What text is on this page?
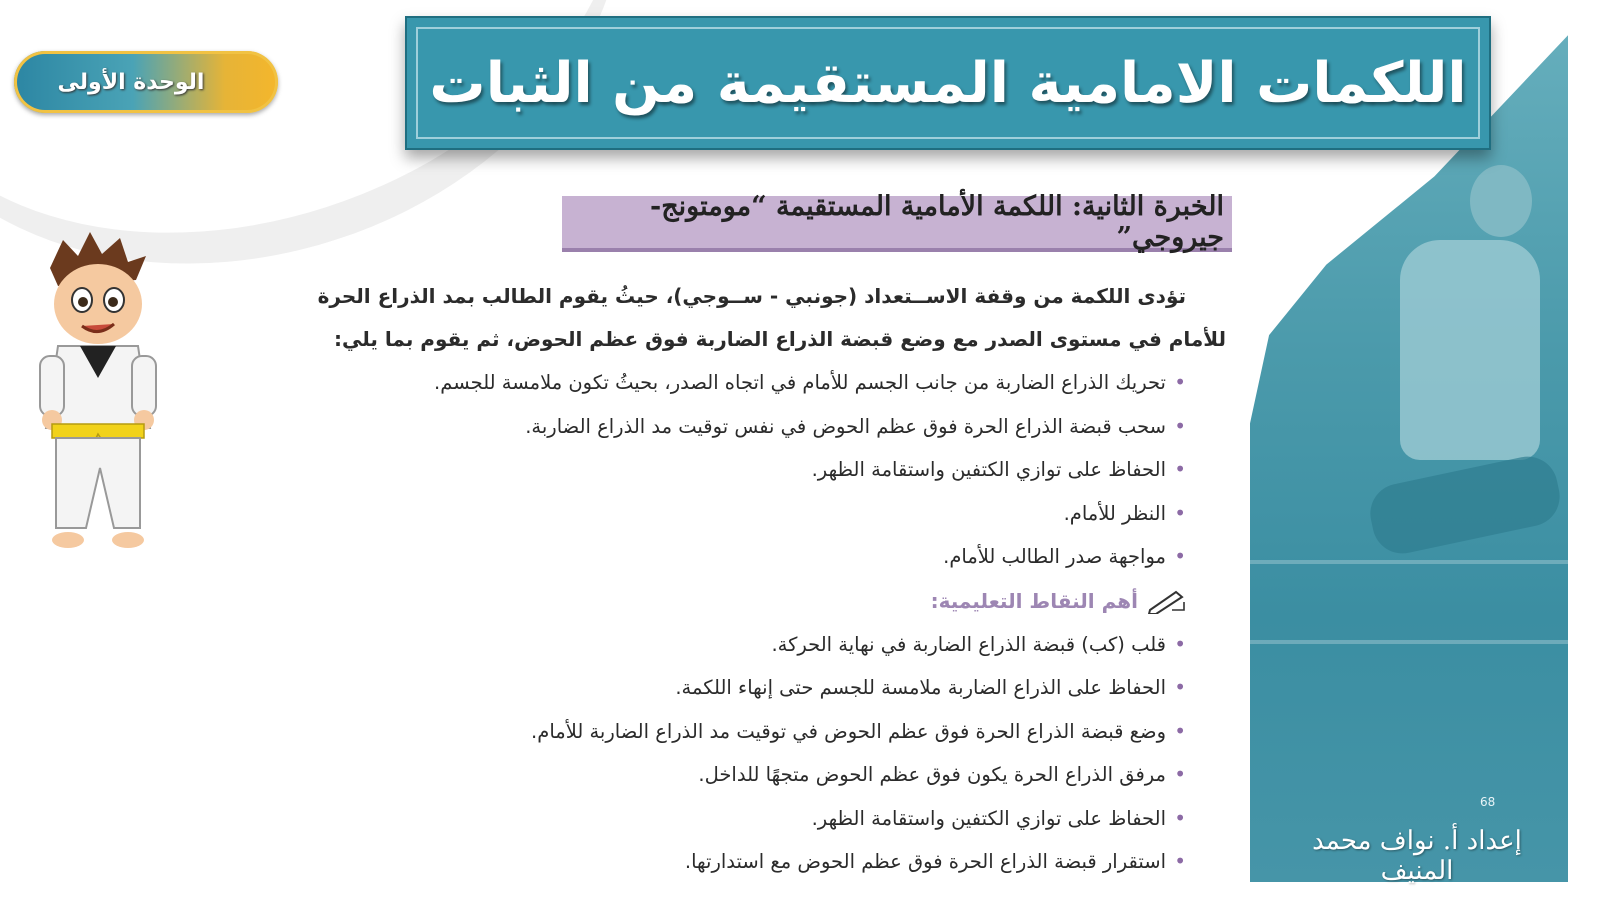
الوحدة الأولى	اللكمات الامامية المستقيمة من الثبات
68
إعداد أ. نواف محمد المنيف
الخبرة الثانية: اللكمة الأمامية المستقيمة “مومتونج- جيروجي”

تؤدى اللكمة من وقفة الاســتعداد (جونبي - ســوجي)، حيثُ يقوم الطالب بمد الذراع الحرة
للأمام في مستوى الصدر مع وضع قبضة الذراع الضاربة فوق عظم الحوض، ثم يقوم بما يلي:

• تحريك الذراع الضاربة من جانب الجسم للأمام في اتجاه الصدر، بحيثُ تكون ملامسة للجسم.
• سحب قبضة الذراع الحرة فوق عظم الحوض في نفس توقيت مد الذراع الضاربة.
• الحفاظ على توازي الكتفين واستقامة الظهر.
• النظر للأمام.
• مواجهة صدر الطالب للأمام.
أهم النقاط التعليمية:
• قلب (كب) قبضة الذراع الضاربة في نهاية الحركة.
• الحفاظ على الذراع الضاربة ملامسة للجسم حتى إنهاء اللكمة.
• وضع قبضة الذراع الحرة فوق عظم الحوض في توقيت مد الذراع الضاربة للأمام.
• مرفق الذراع الحرة يكون فوق عظم الحوض متجهًا للداخل.
• الحفاظ على توازي الكتفين واستقامة الظهر.
• استقرار قبضة الذراع الحرة فوق عظم الحوض مع استدارتها.
